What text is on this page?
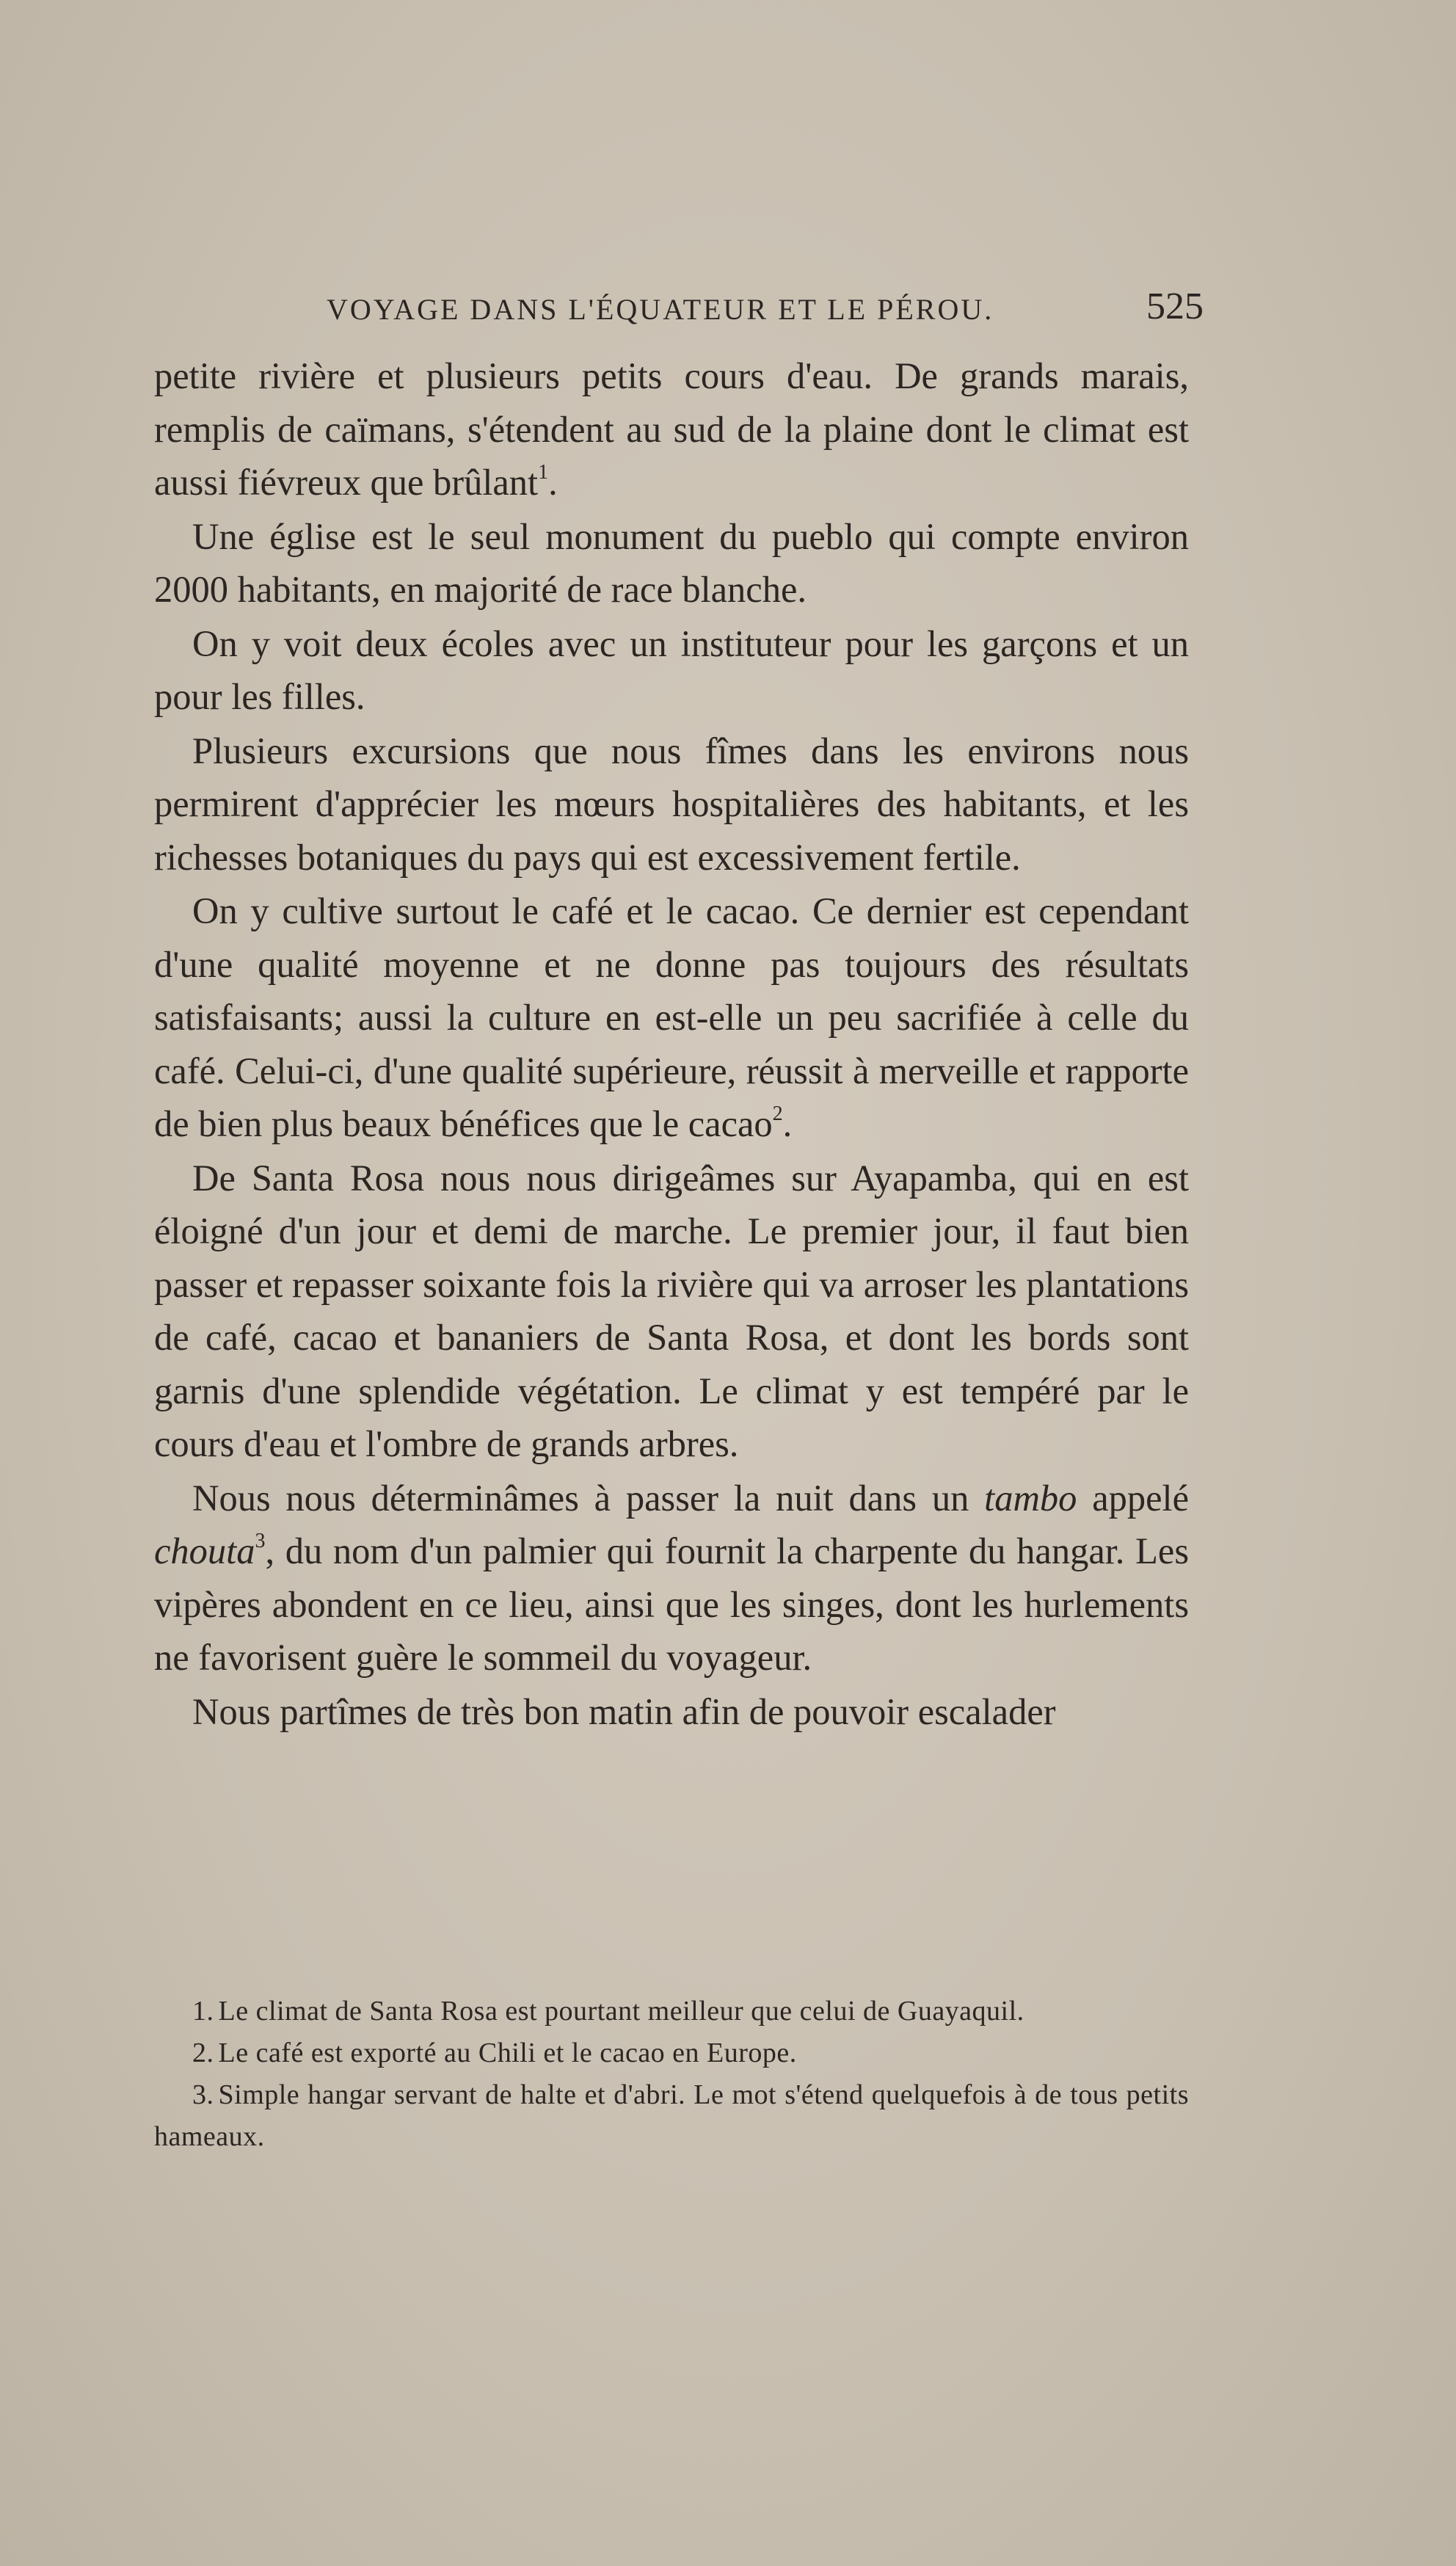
VOYAGE DANS L'ÉQUATEUR ET LE PÉROU.	525

petite rivière et plusieurs petits cours d'eau. De grands marais, remplis de caïmans, s'étendent au sud de la plaine dont le climat est aussi fiévreux que brûlant$^1$.

Une église est le seul monument du pueblo qui compte environ 2000 habitants, en majorité de race blanche.

On y voit deux écoles avec un instituteur pour les garçons et un pour les filles.

Plusieurs excursions que nous fîmes dans les environs nous permirent d'apprécier les mœurs hospitalières des habitants, et les richesses botaniques du pays qui est excessivement fertile.

On y cultive surtout le café et le cacao. Ce dernier est cependant d'une qualité moyenne et ne donne pas toujours des résultats satisfaisants; aussi la culture en est-elle un peu sacrifiée à celle du café. Celui-ci, d'une qualité supérieure, réussit à merveille et rapporte de bien plus beaux bénéfices que le cacao$^2$.

De Santa Rosa nous nous dirigeâmes sur Ayapamba, qui en est éloigné d'un jour et demi de marche. Le premier jour, il faut bien passer et repasser soixante fois la rivière qui va arroser les plantations de café, cacao et bananiers de Santa Rosa, et dont les bords sont garnis d'une splendide végétation. Le climat y est tempéré par le cours d'eau et l'ombre de grands arbres.

Nous nous déterminâmes à passer la nuit dans un tambo appelé chouta$^3$, du nom d'un palmier qui fournit la charpente du hangar. Les vipères abondent en ce lieu, ainsi que les singes, dont les hurlements ne favorisent guère le sommeil du voyageur.

Nous partîmes de très bon matin afin de pouvoir escalader

1. Le climat de Santa Rosa est pourtant meilleur que celui de Guayaquil.

2. Le café est exporté au Chili et le cacao en Europe.

3. Simple hangar servant de halte et d'abri. Le mot s'étend quelquefois à de tous petits hameaux.
